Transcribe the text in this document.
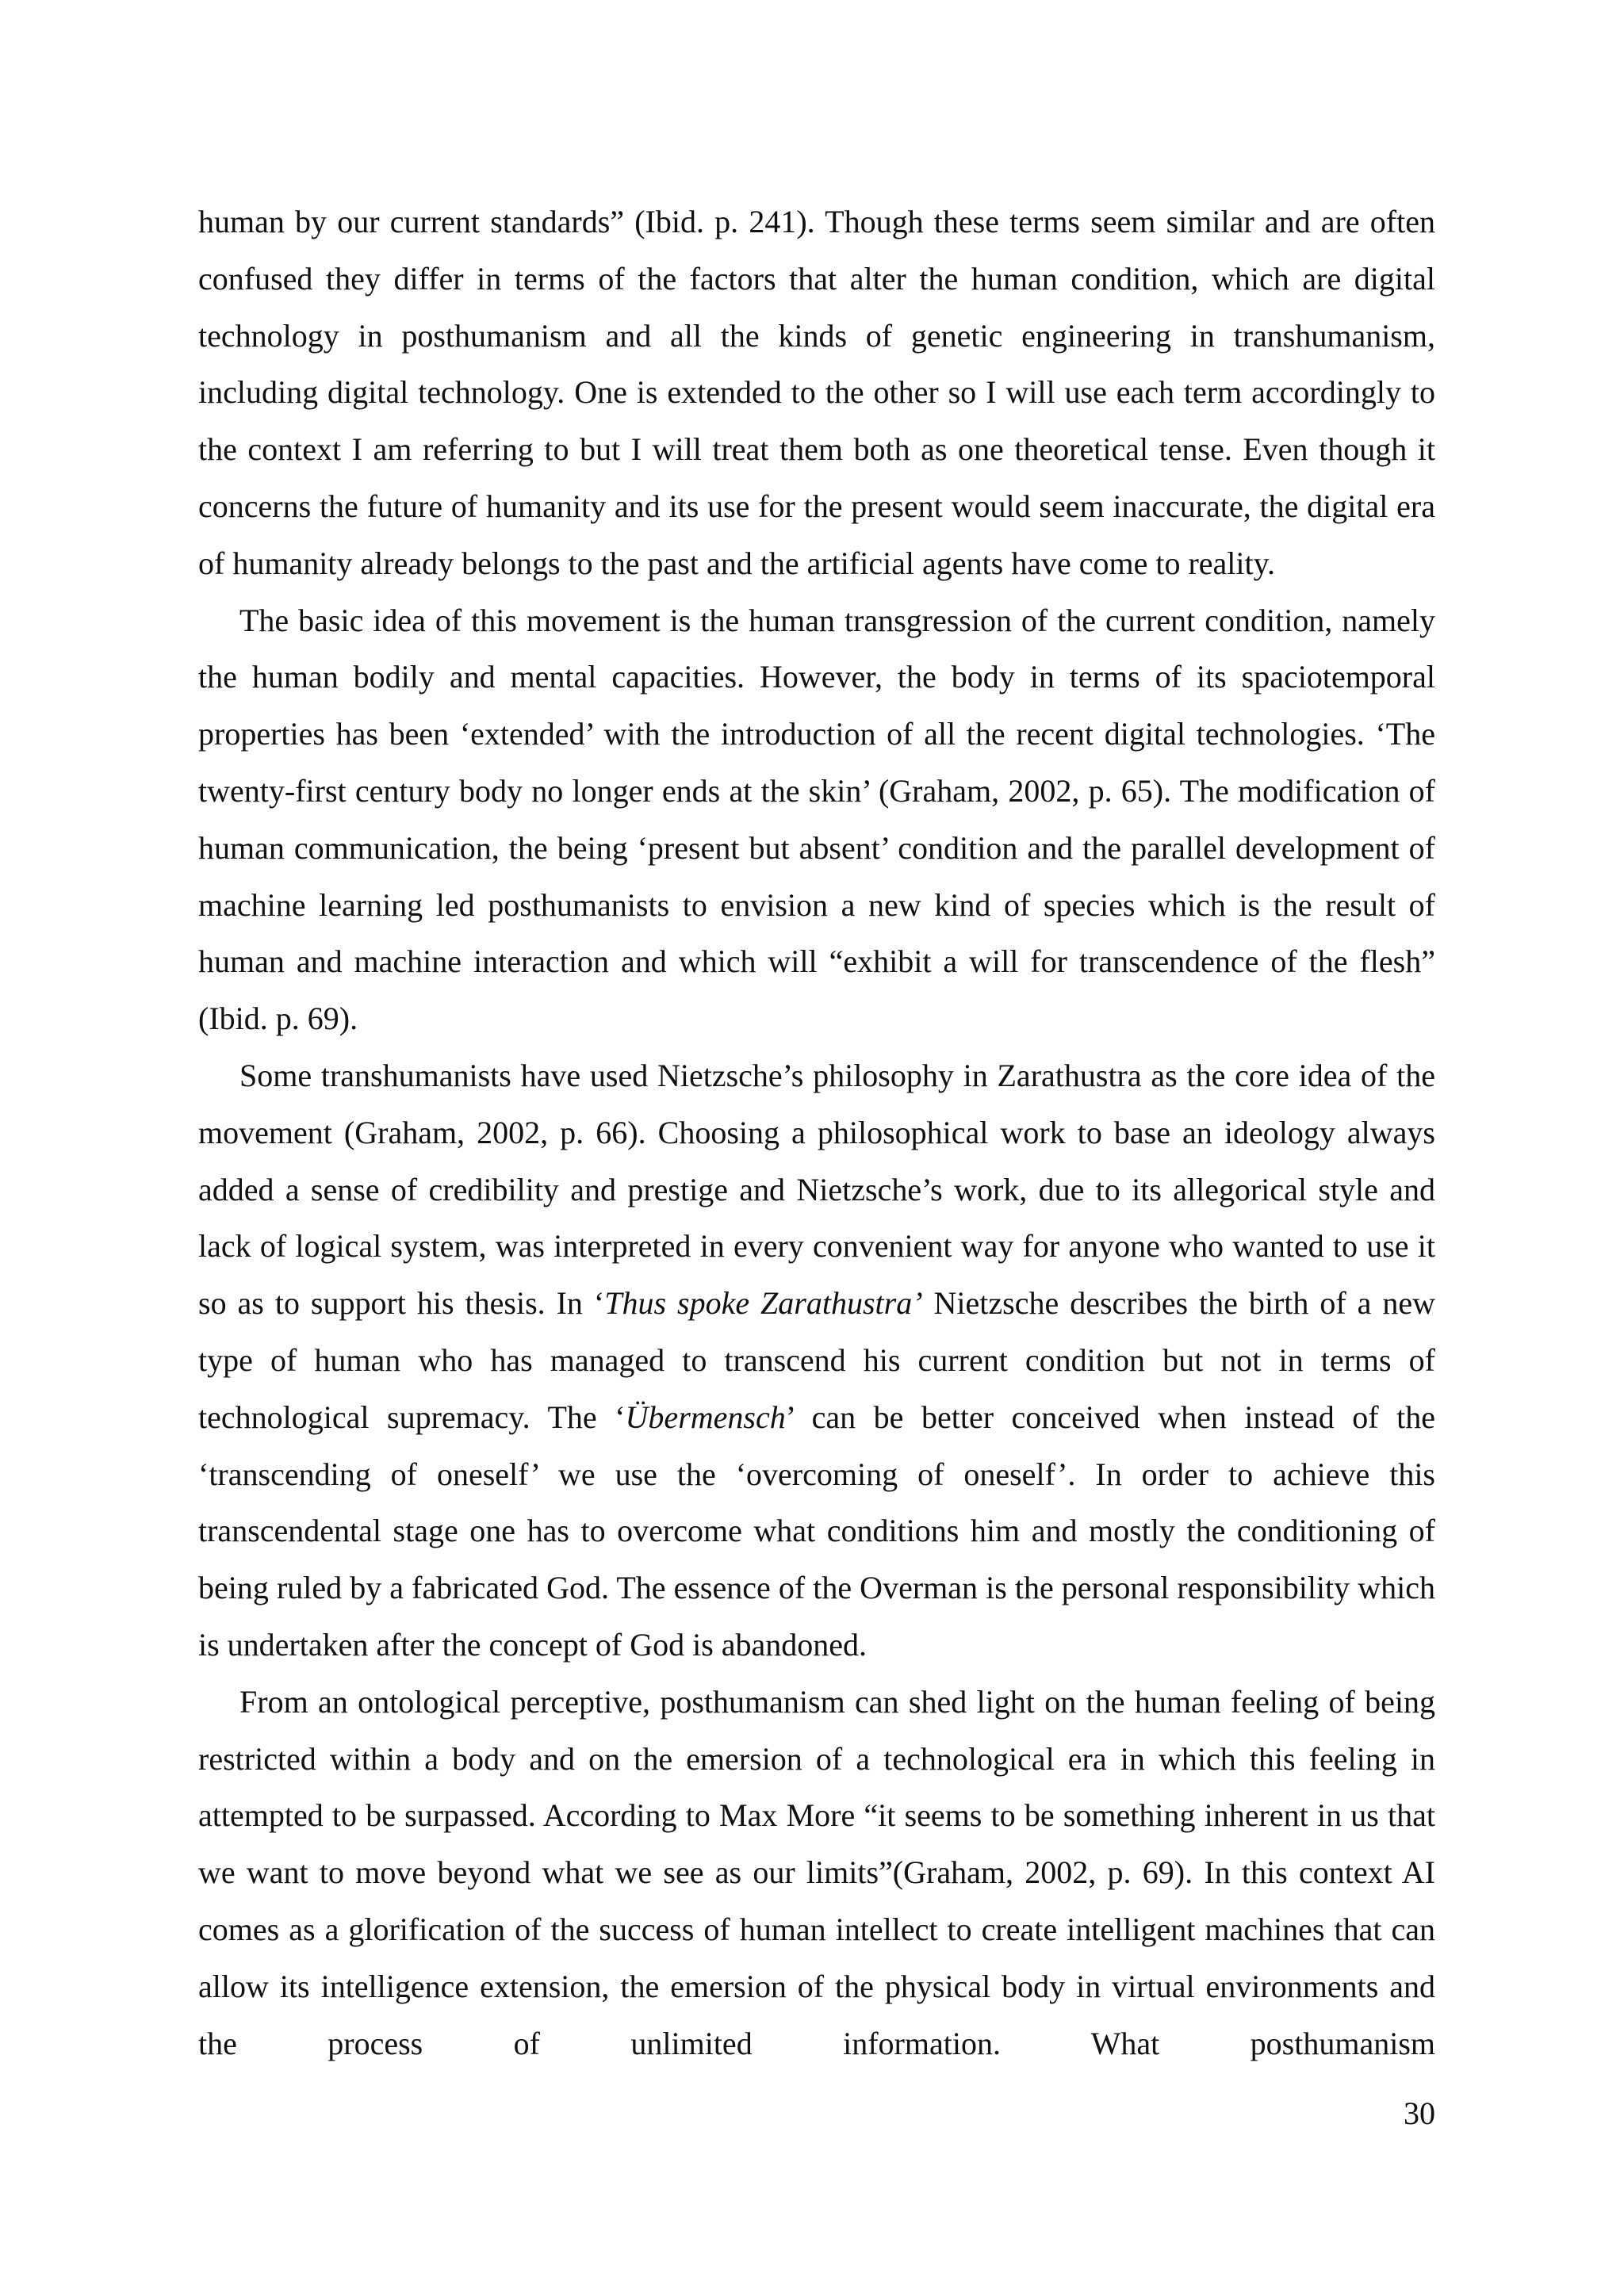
human by our current standards” (Ibid. p. 241). Though these terms seem similar and are often confused they differ in terms of the factors that alter the human condition, which are digital technology in posthumanism and all the kinds of genetic engineering in transhumanism, including digital technology. One is extended to the other so I will use each term accordingly to the context I am referring to but I will treat them both as one theoretical tense. Even though it concerns the future of humanity and its use for the present would seem inaccurate, the digital era of humanity already belongs to the past and the artificial agents have come to reality.

The basic idea of this movement is the human transgression of the current condition, namely the human bodily and mental capacities. However, the body in terms of its spaciotemporal properties has been ‘extended’ with the introduction of all the recent digital technologies. ‘The twenty-first century body no longer ends at the skin’ (Graham, 2002, p. 65). The modification of human communication, the being ‘present but absent’ condition and the parallel development of machine learning led posthumanists to envision a new kind of species which is the result of human and machine interaction and which will “exhibit a will for transcendence of the flesh” (Ibid. p. 69).

Some transhumanists have used Nietzsche’s philosophy in Zarathustra as the core idea of the movement (Graham, 2002, p. 66). Choosing a philosophical work to base an ideology always added a sense of credibility and prestige and Nietzsche’s work, due to its allegorical style and lack of logical system, was interpreted in every convenient way for anyone who wanted to use it so as to support his thesis. In ‘Thus spoke Zarathustra’ Nietzsche describes the birth of a new type of human who has managed to transcend his current condition but not in terms of technological supremacy. The ‘Übermensch’ can be better conceived when instead of the ‘transcending of oneself’ we use the ‘overcoming of oneself’. In order to achieve this transcendental stage one has to overcome what conditions him and mostly the conditioning of being ruled by a fabricated God. The essence of the Overman is the personal responsibility which is undertaken after the concept of God is abandoned.

From an ontological perceptive, posthumanism can shed light on the human feeling of being restricted within a body and on the emersion of a technological era in which this feeling in attempted to be surpassed. According to Max More “it seems to be something inherent in us that we want to move beyond what we see as our limits”(Graham, 2002, p. 69). In this context AI comes as a glorification of the success of human intellect to create intelligent machines that can allow its intelligence extension, the emersion of the physical body in virtual environments and the process of unlimited information. What posthumanism

30
